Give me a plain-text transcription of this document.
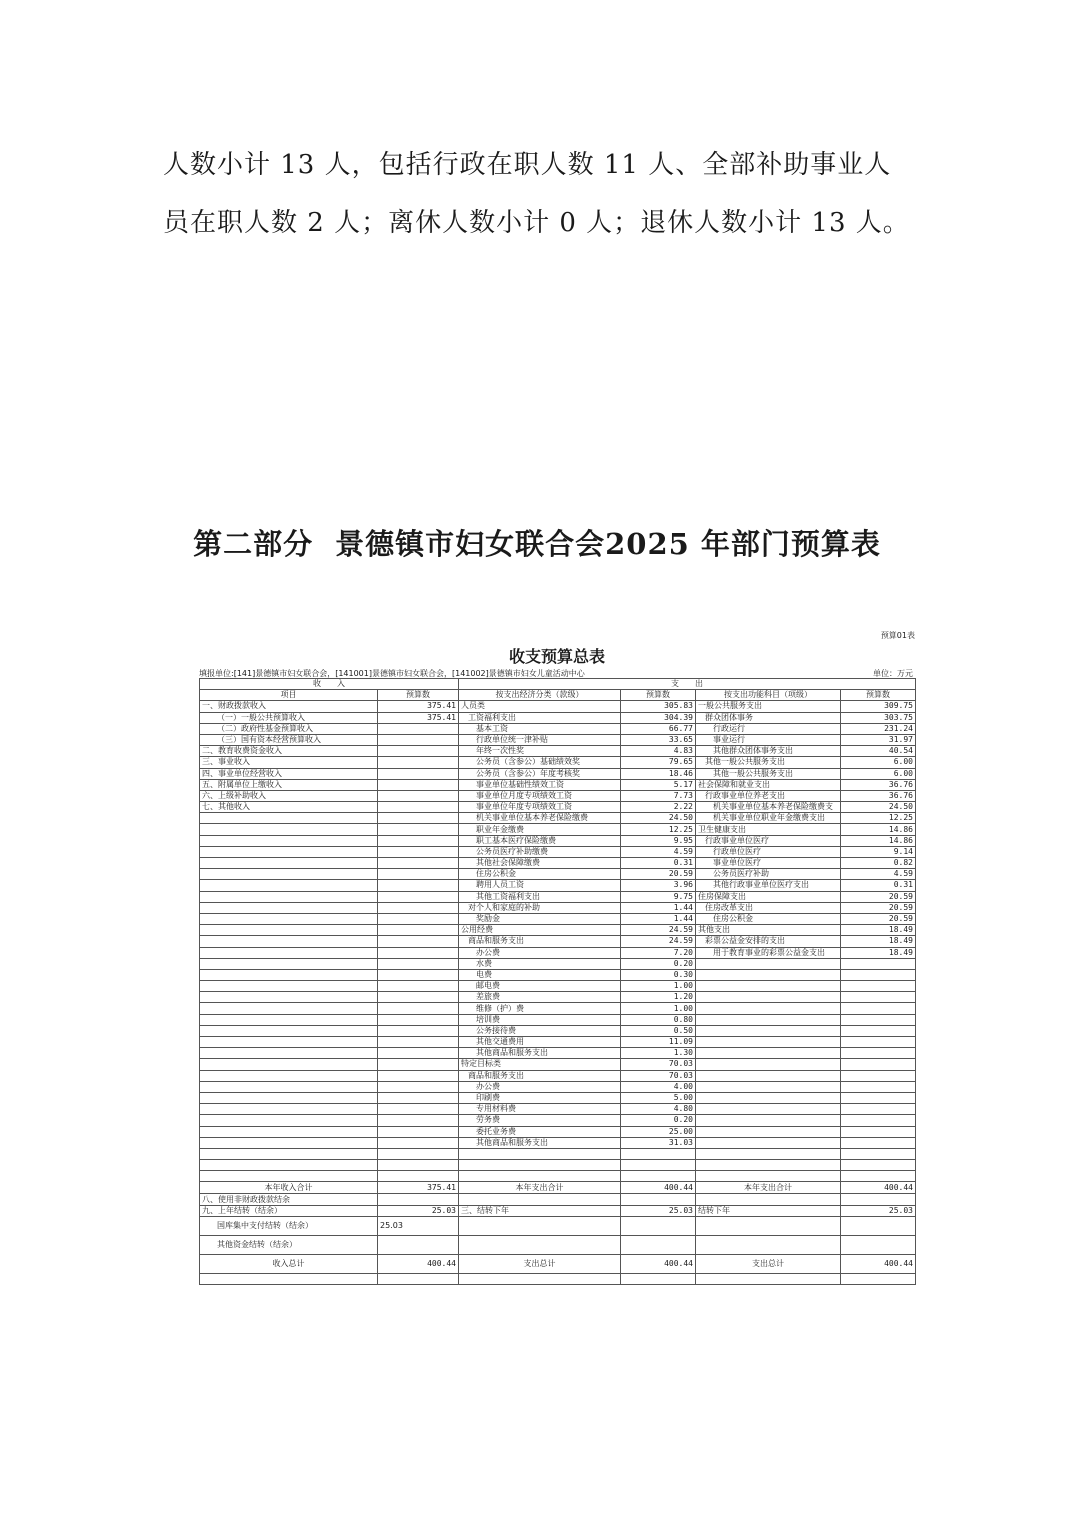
人数小计 13 人，包括行政在职人数 11 人、全部补助事业人
员在职人数 2 人；离休人数小计 0 人；退休人数小计 13 人。
第二部分 景德镇市妇女联合会2025 年部门预算表
预算01表
收支预算总表
填报单位:[141]景德镇市妇女联合会，[141001]景德镇市妇女联合会，[141002]景德镇市妇女儿童活动中心	单位：万元
收　　入		支　　出			
项目	预算数	按支出经济分类（款级）	预算数	按支出功能科目（项级）	预算数
一、财政拨款收入	375.41	人员类	305.83	一般公共服务支出	309.75
（一）一般公共预算收入	375.41	工资福利支出	304.39	群众团体事务	303.75
（二）政府性基金预算收入		基本工资	66.77	行政运行	231.24
（三）国有资本经营预算收入		行政单位统一津补贴	33.65	事业运行	31.97
二、教育收费资金收入		年终一次性奖	4.83	其他群众团体事务支出	40.54
三、事业收入		公务员（含参公）基础绩效奖	79.65	其他一般公共服务支出	6.00
四、事业单位经营收入		公务员（含参公）年度考核奖	18.46	其他一般公共服务支出	6.00
五、附属单位上缴收入		事业单位基础性绩效工资	5.17	社会保障和就业支出	36.76
六、上级补助收入		事业单位月度专项绩效工资	7.73	行政事业单位养老支出	36.76
七、其他收入		事业单位年度专项绩效工资	2.22	机关事业单位基本养老保险缴费支	24.50
		机关事业单位基本养老保险缴费	24.50	机关事业单位职业年金缴费支出	12.25
		职业年金缴费	12.25	卫生健康支出	14.86
		职工基本医疗保险缴费	9.95	行政事业单位医疗	14.86
		公务员医疗补助缴费	4.59	行政单位医疗	9.14
		其他社会保障缴费	0.31	事业单位医疗	0.82
		住房公积金	20.59	公务员医疗补助	4.59
		聘用人员工资	3.96	其他行政事业单位医疗支出	0.31
		其他工资福利支出	9.75	住房保障支出	20.59
		对个人和家庭的补助	1.44	住房改革支出	20.59
		奖励金	1.44	住房公积金	20.59
		公用经费	24.59	其他支出	18.49
		商品和服务支出	24.59	彩票公益金安排的支出	18.49
		办公费	7.20	用于教育事业的彩票公益金支出	18.49
		水费	0.20		
		电费	0.30		
		邮电费	1.00		
		差旅费	1.20		
		维修（护）费	1.00		
		培训费	0.80		
		公务接待费	0.50		
		其他交通费用	11.09		
		其他商品和服务支出	1.30		
		特定目标类	70.03		
		商品和服务支出	70.03		
		办公费	4.00		
		印刷费	5.00		
		专用材料费	4.80		
		劳务费	0.20		
		委托业务费	25.00		
		其他商品和服务支出	31.03		

本年收入合计	375.41	本年支出合计	400.44	本年支出合计	400.44
八、使用非财政拨款结余					
九、上年结转（结余）	25.03	三、结转下年	25.03	结转下年	25.03
国库集中支付结转（结余）	25.03				
其他资金结转（结余）					
收入总计	400.44	支出总计	400.44	支出总计	400.44
